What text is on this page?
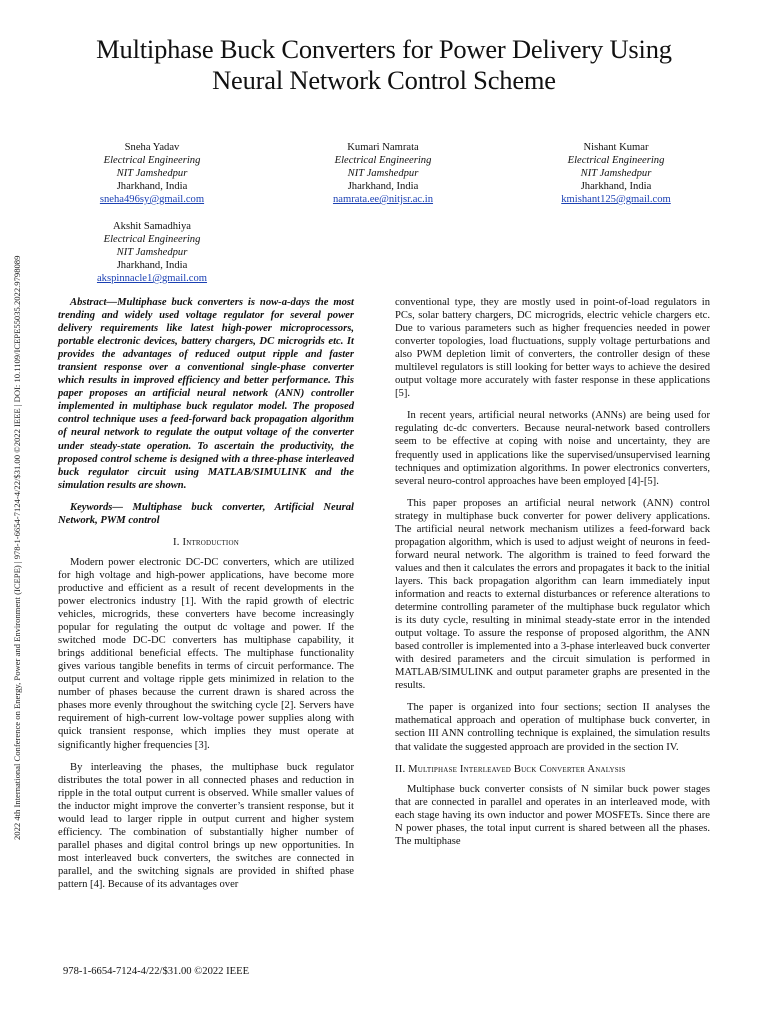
2022 4th International Conference on Energy, Power and Environment (ICEPE) | 978-1-6654-7124-4/22/$31.00 ©2022 IEEE | DOI: 10.1109/ICEPE55035.2022.9798089
Multiphase Buck Converters for Power Delivery Using Neural Network Control Scheme
Sneha Yadav
Electrical Engineering
NIT Jamshedpur
Jharkhand, India
sneha496sy@gmail.com
Kumari Namrata
Electrical Engineering
NIT Jamshedpur
Jharkhand, India
namrata.ee@nitjsr.ac.in
Nishant Kumar
Electrical Engineering
NIT Jamshedpur
Jharkhand, India
kmishant125@gmail.com
Akshit Samadhiya
Electrical Engineering
NIT Jamshedpur
Jharkhand, India
akspinnacle1@gmail.com

Abstract—Multiphase buck converters is now-a-days the most trending and widely used voltage regulator for several power delivery requirements like latest high-power microprocessors, portable electronic devices, battery chargers, DC microgrids etc. It provides the advantages of reduced output ripple and faster transient response over a conventional single-phase converter which results in improved efficiency and better performance. This paper proposes an artificial neural network (ANN) controller implemented in multiphase buck regulator model. The proposed control technique uses a feed-forward back propagation algorithm of neural network to regulate the output voltage of the converter under steady-state operation. To ascertain the productivity, the proposed control scheme is designed with a three-phase interleaved buck regulator circuit using MATLAB/SIMULINK and the simulation results are shown.

Keywords— Multiphase buck converter, Artificial Neural Network, PWM control

I. Introduction

Modern power electronic DC-DC converters, which are utilized for high voltage and high-power applications, have become more productive and efficient as a result of recent developments in the power electronics industry [1]. With the rapid growth of electric vehicles, microgrids, these converters have become increasingly popular for regulating the output dc voltage and power. If the switched mode DC-DC converters has multiphase capability, it brings additional beneficial effects. The multiphase functionality gives various tangible benefits in terms of circuit performance. The output current and voltage ripple gets minimized in relation to the number of phases because the current drawn is shared across the phases more evenly throughout the switching cycle [2]. Servers have requirement of high-current low-voltage power supplies along with quick transient response, which implies they must operate at significantly higher frequencies [3].

By interleaving the phases, the multiphase buck regulator distributes the total power in all connected phases and reduction in ripple in the total output current is observed. While smaller values of the inductor might improve the converter’s transient response, but it would lead to larger ripple in output current and higher system efficiency. The combination of substantially higher number of parallel phases and digital control brings up new opportunities. In most interleaved buck converters, the switches are connected in parallel, and the switching signals are provided in shifted phase pattern [4]. Because of its advantages over

conventional type, they are mostly used in point-of-load regulators in PCs, solar battery chargers, DC microgrids, electric vehicle chargers etc. Due to various parameters such as higher frequencies needed in power converter topologies, load fluctuations, supply voltage perturbations and also PWM depletion limit of converters, the controller design of these multilevel regulators is still looking for better ways to achieve the desired output voltage more accurately with faster response in these applications [5].

In recent years, artificial neural networks (ANNs) are being used for regulating dc-dc converters. Because neural-network based controllers seem to be effective at coping with noise and uncertainty, they are frequently used in applications like the supervised/unsupervised learning techniques and optimization algorithms. In power electronics converters, several neuro-control approaches have been employed [4]-[5].

This paper proposes an artificial neural network (ANN) control strategy in multiphase buck converter for power delivery applications. The artificial neural network mechanism utilizes a feed-forward back propagation algorithm, which is used to adjust weight of neurons in feed-forward neural network. The algorithm is trained to feed forward the values and then it calculates the errors and propagates it back to the initial layers. This back propagation algorithm can learn immediately input information and reacts to external disturbances or reference alterations to determine controlling parameter of the multiphase buck regulator which is its duty cycle, resulting in minimal steady-state error in the intended output voltage. To assure the response of proposed algorithm, the ANN based controller is implemented into a 3-phase interleaved buck converter with desired parameters and the circuit simulation is performed in MATLAB/SIMULINK and output parameter graphs are presented in the results.

The paper is organized into four sections; section II analyses the mathematical approach and operation of multiphase buck converter, in section III ANN controlling technique is explained, the simulation results that validate the suggested approach are provided in the section IV.

II. Multiphase Interleaved Buck Converter Analysis

Multiphase buck converter consists of N similar buck power stages that are connected in parallel and operates in an interleaved mode, with each stage having its own inductor and power MOSFETs. Since there are N power phases, the total input current is shared between all the phases. The multiphase

978-1-6654-7124-4/22/$31.00 ©2022 IEEE
